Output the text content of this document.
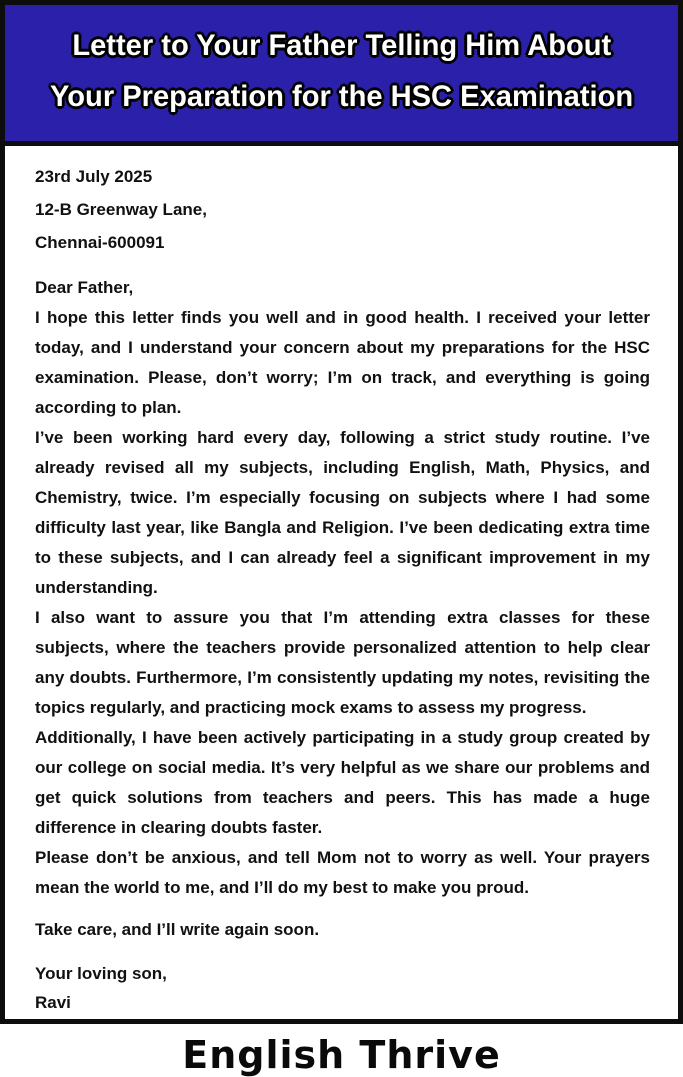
Letter to Your Father Telling Him About
Your Preparation for the HSC Examination
23rd July 2025
12-B Greenway Lane,
Chennai-600091
Dear Father,

I hope this letter finds you well and in good health. I received your letter today, and I understand your concern about my preparations for the HSC examination. Please, don’t worry; I’m on track, and everything is going according to plan.

I’ve been working hard every day, following a strict study routine. I’ve already revised all my subjects, including English, Math, Physics, and Chemistry, twice. I’m especially focusing on subjects where I had some difficulty last year, like Bangla and Religion. I’ve been dedicating extra time to these subjects, and I can already feel a significant improvement in my understanding.

I also want to assure you that I’m attending extra classes for these subjects, where the teachers provide personalized attention to help clear any doubts. Furthermore, I’m consistently updating my notes, revisiting the topics regularly, and practicing mock exams to assess my progress.

Additionally, I have been actively participating in a study group created by our college on social media. It’s very helpful as we share our problems and get quick solutions from teachers and peers. This has made a huge difference in clearing doubts faster.

Please don’t be anxious, and tell Mom not to worry as well. Your prayers mean the world to me, and I’ll do my best to make you proud.

Take care, and I’ll write again soon.
Your loving son,
Ravi
English Thrive
